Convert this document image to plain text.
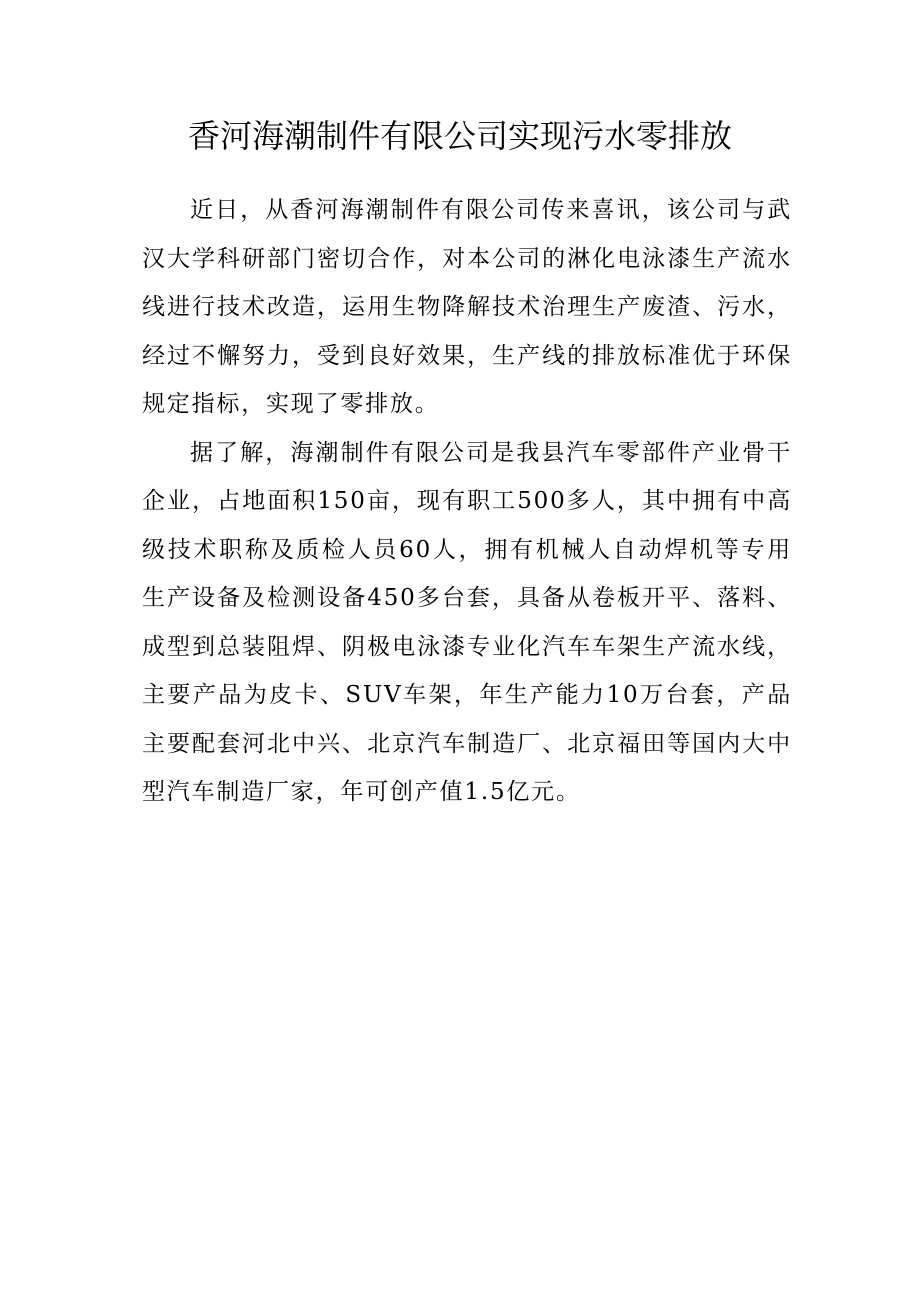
香河海潮制件有限公司实现污水零排放

近日，从香河海潮制件有限公司传来喜讯，该公司与武汉大学科研部门密切合作，对本公司的淋化电泳漆生产流水线进行技术改造，运用生物降解技术治理生产废渣、污水，经过不懈努力，受到良好效果，生产线的排放标准优于环保规定指标，实现了零排放。

据了解，海潮制件有限公司是我县汽车零部件产业骨干企业，占地面积150亩，现有职工500多人，其中拥有中高级技术职称及质检人员60人，拥有机械人自动焊机等专用生产设备及检测设备450多台套，具备从卷板开平、落料、成型到总装阻焊、阴极电泳漆专业化汽车车架生产流水线，主要产品为皮卡、SUV车架，年生产能力10万台套，产品主要配套河北中兴、北京汽车制造厂、北京福田等国内大中型汽车制造厂家，年可创产值1.5亿元。
